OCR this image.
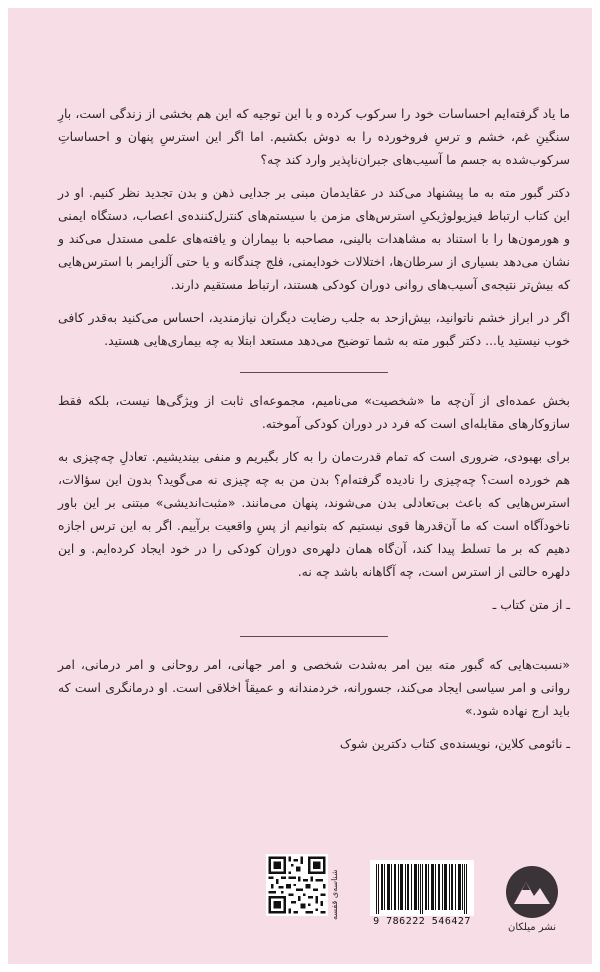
ما یاد گرفته‌ایم احساسات خود را سرکوب کرده و با این توجیه که این هم بخشی از زندگی است، بارِ سنگینِ غم، خشم و ترسِ فروخورده را به دوش بکشیم. اما اگر این استرسِ پنهان و احساساتِ سرکوب‌شده به جسم ما آسیب‌های جبران‌ناپذیر وارد کند چه؟

دکتر گبور مته به ما پیشنهاد می‌کند در عقایدمان مبنی بر جدایی ذهن و بدن تجدید نظر کنیم. او در این کتاب ارتباط فیزیولوژیکیِ استرس‌های مزمن با سیستم‌های کنترل‌کننده‌ی اعصاب، دستگاه ایمنی و هورمون‌ها را با استناد به مشاهدات بالینی، مصاحبه با بیماران و یافته‌های علمی مستدل می‌کند و نشان می‌دهد بسیاری از سرطان‌ها، اختلالات خودایمنی، فلج چندگانه و یا حتی آلزایمر با استرس‌هایی که بیش‌تر نتیجه‌ی آسیب‌های روانی دوران کودکی هستند، ارتباط مستقیم دارند.

اگر در ابراز خشم ناتوانید، بیش‌ازحد به جلب رضایت دیگران نیازمندید، احساس می‌کنید به‌قدر کافی خوب نیستید یا... دکتر گبور مته به شما توضیح می‌دهد مستعد ابتلا به چه بیماری‌هایی هستید.

بخش عمده‌ای از آن‌چه ما «شخصیت» می‌نامیم، مجموعه‌ای ثابت از ویژگی‌ها نیست، بلکه فقط سازوکارهای مقابله‌ای است که فرد در دوران کودکی آموخته.

برای بهبودی، ضروری است که تمام قدرت‌مان را به کار بگیریم و منفی بیندیشیم. تعادلِ چه‌چیزی به هم خورده است؟ چه‌چیزی را نادیده گرفته‌ام؟ بدن من به چه چیزی نه می‌گوید؟ بدون این سؤالات، استرس‌هایی که باعث بی‌تعادلی بدن می‌شوند، پنهان می‌مانند. «مثبت‌اندیشی» مبتنی بر این باور ناخودآگاه است که ما آن‌قدرها قوی نیستیم که بتوانیم از پسِ واقعیت برآییم. اگر به این ترس اجازه دهیم که بر ما تسلط پیدا کند، آن‌گاه همان دلهره‌ی دوران کودکی را در خود ایجاد کرده‌ایم. و این دلهره حالتی از استرس است، چه آگاهانه باشد چه نه.

ـ از متن کتاب ـ

«نسبت‌هایی که گبور مته بین امر به‌شدت شخصی و امر جهانی، امر روحانی و امر درمانی، امر روانی و امر سیاسی ایجاد می‌کند، جسورانه، خردمندانه و عمیقاً اخلاقی است. او درمانگری است که باید ارج نهاده شود.»

ـ نائومی کلاین، نویسنده‌ی کتاب دکترین شوک

شناسه‌ی قفسه
9 786222 546427
نشر میلکان
